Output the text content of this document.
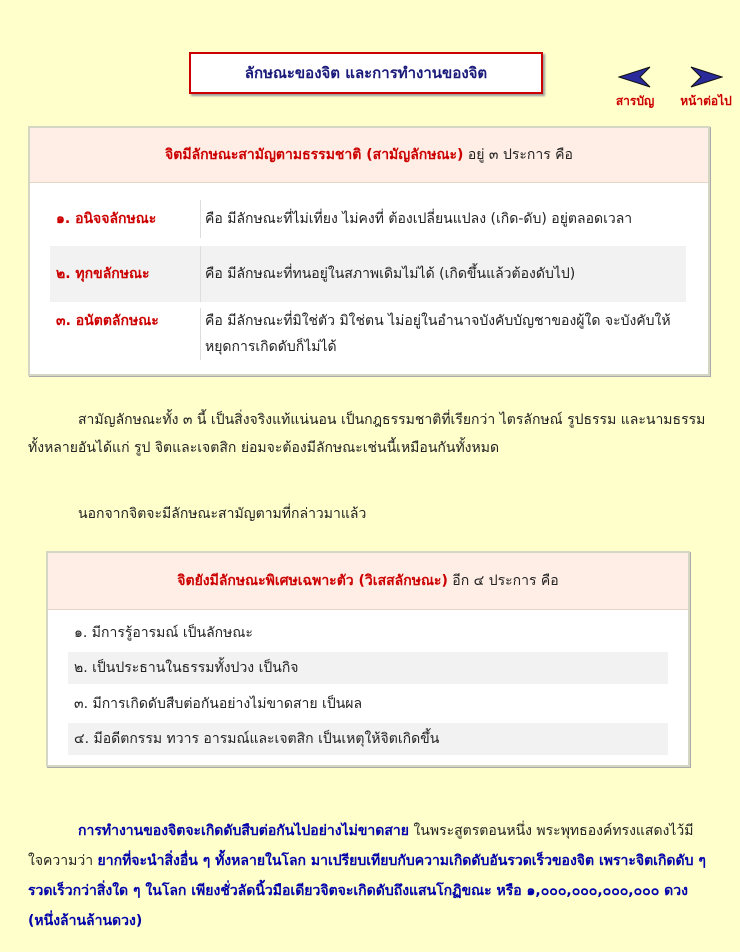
ลักษณะของจิต และการทำงานของจิต
สารบัญ	หน้าต่อไป
จิตมีลักษณะสามัญตามธรรมชาติ (สามัญลักษณะ) อยู่ ๓ ประการ คือ
๑. อนิจจลักษณะ	คือ มีลักษณะที่ไม่เที่ยง ไม่คงที่ ต้องเปลี่ยนแปลง (เกิด-ดับ) อยู่ตลอดเวลา
๒. ทุกขลักษณะ	คือ มีลักษณะที่ทนอยู่ในสภาพเดิมไม่ได้ (เกิดขึ้นแล้วต้องดับไป)
๓. อนัตตลักษณะ	คือ มีลักษณะที่มิใช่ตัว มิใช่ตน ไม่อยู่ในอำนาจบังคับบัญชาของผู้ใด จะบังคับให้หยุดการเกิดดับก็ไม่ได้
สามัญลักษณะทั้ง ๓ นี้ เป็นสิ่งจริงแท้แน่นอน เป็นกฎธรรมชาติที่เรียกว่า ไตรลักษณ์ รูปธรรม และนามธรรมทั้งหลายอันได้แก่ รูป จิตและเจตสิก ย่อมจะต้องมีลักษณะเช่นนี้เหมือนกันทั้งหมด
นอกจากจิตจะมีลักษณะสามัญตามที่กล่าวมาแล้ว
จิตยังมีลักษณะพิเศษเฉพาะตัว (วิเสสลักษณะ) อีก ๔ ประการ คือ
๑. มีการรู้อารมณ์ เป็นลักษณะ
๒. เป็นประธานในธรรมทั้งปวง เป็นกิจ
๓. มีการเกิดดับสืบต่อกันอย่างไม่ขาดสาย เป็นผล
๔. มีอดีตกรรม ทวาร อารมณ์และเจตสิก เป็นเหตุให้จิตเกิดขึ้น
การทำงานของจิตจะเกิดดับสืบต่อกันไปอย่างไม่ขาดสาย ในพระสูตรตอนหนึ่ง พระพุทธองค์ทรงแสดงไว้มีใจความว่า ยากที่จะนำสิ่งอื่น ๆ ทั้งหลายในโลก มาเปรียบเทียบกับความเกิดดับอันรวดเร็วของจิต เพราะจิตเกิดดับ ๆ รวดเร็วกว่าสิ่งใด ๆ ในโลก เพียงชั่วลัดนิ้วมือเดียวจิตจะเกิดดับถึงแสนโกฏิขณะ หรือ ๑,๐๐๐,๐๐๐,๐๐๐,๐๐๐ ดวง (หนึ่งล้านล้านดวง)
